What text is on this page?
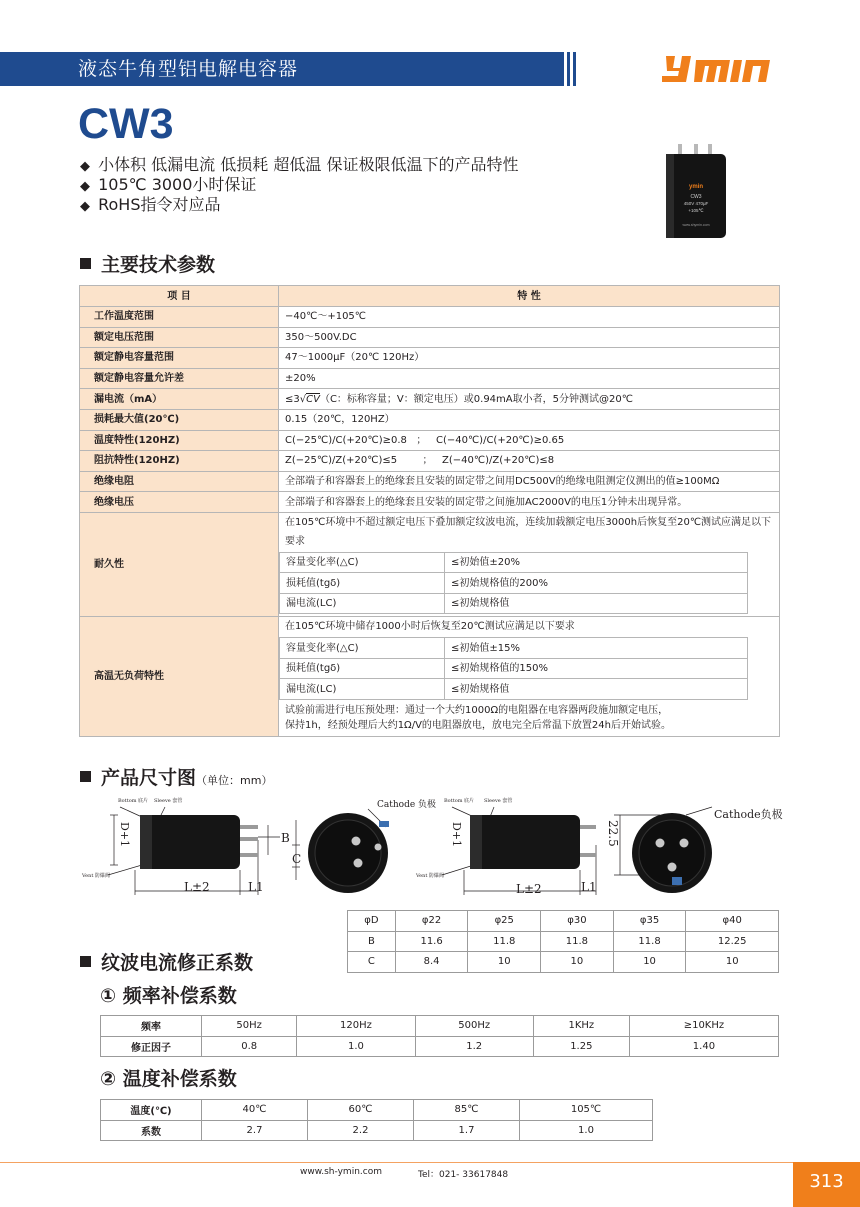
液态牛角型铝电解电容器
CW3
◆ 小体积 低漏电流 低损耗 超低温 保证极限低温下的产品特性
◆ 105℃ 3000小时保证
◆ RoHS指令对应品
ymin
CW3
450V 470μF
+105℃
www.shymin.com
主要技术参数
项 目	特 性
工作温度范围	−40℃～+105℃
额定电压范围	350～500V.DC
额定静电容量范围	47～1000μF（20℃ 120Hz）
额定静电容量允许差	±20%
漏电流（mA）	≤3√CV（C：标称容量；V：额定电压）或0.94mA取小者，5分钟测试@20℃
损耗最大值(20℃)	0.15（20℃，120HZ）
温度特性(120HZ)	C(−25℃)/C(+20℃)≥0.8   ；   C(−40℃)/C(+20℃)≥0.65
阻抗特性(120HZ)	Z(−25℃)/Z(+20℃)≤5        ；   Z(−40℃)/Z(+20℃)≤8
绝缘电阻	全部端子和容器套上的绝缘套且安装的固定带之间用DC500V的绝缘电阻测定仪测出的值≥100MΩ
绝缘电压	全部端子和容器套上的绝缘套且安装的固定带之间施加AC2000V的电压1分钟未出现异常。
耐久性	
在105℃环境中不超过额定电压下叠加额定纹波电流，连续加载额定电压3000h后恢复至20℃测试应满足以下要求
容量变化率(△C)	≤初始值±20%
损耗值(tgδ)	≤初始规格值的200%
漏电流(LC)	≤初始规格值

高温无负荷特性	
在105℃环境中储存1000小时后恢复至20℃测试应满足以下要求
容量变化率(△C)	≤初始值±15%
损耗值(tgδ)	≤初始规格值的150%
漏电流(LC)	≤初始规格值
试验前需进行电压预处理：通过一个大约1000Ω的电阻器在电容器两段施加额定电压，
保持1h，经预处理后大约1Ω/V的电阻器放电，放电完全后常温下放置24h后开始试验。
产品尺寸图（单位：mm）
Bottom 底片 Sleeve 套管
Vent 防爆阀
D+1
L±2	L1
B
C
Cathode 负极 Bottom 底片 Sleeve 套管
Vent 防爆阀
D+1
L±2	L1
22.5
Cathode负极
φD	φ22	φ25	φ30	φ35	φ40
B	11.6	11.8	11.8	11.8	12.25
C	8.4	10	10	10	10
纹波电流修正系数
① 频率补偿系数
频率	50Hz	120Hz	500Hz	1KHz	≥10KHz
修正因子	0.8	1.0	1.2	1.25	1.40
② 温度补偿系数
温度(℃)	40℃	60℃	85℃	105℃
系数	2.7	2.2	1.7	1.0
www.sh-ymin.com	Tel：021- 33617848	313
